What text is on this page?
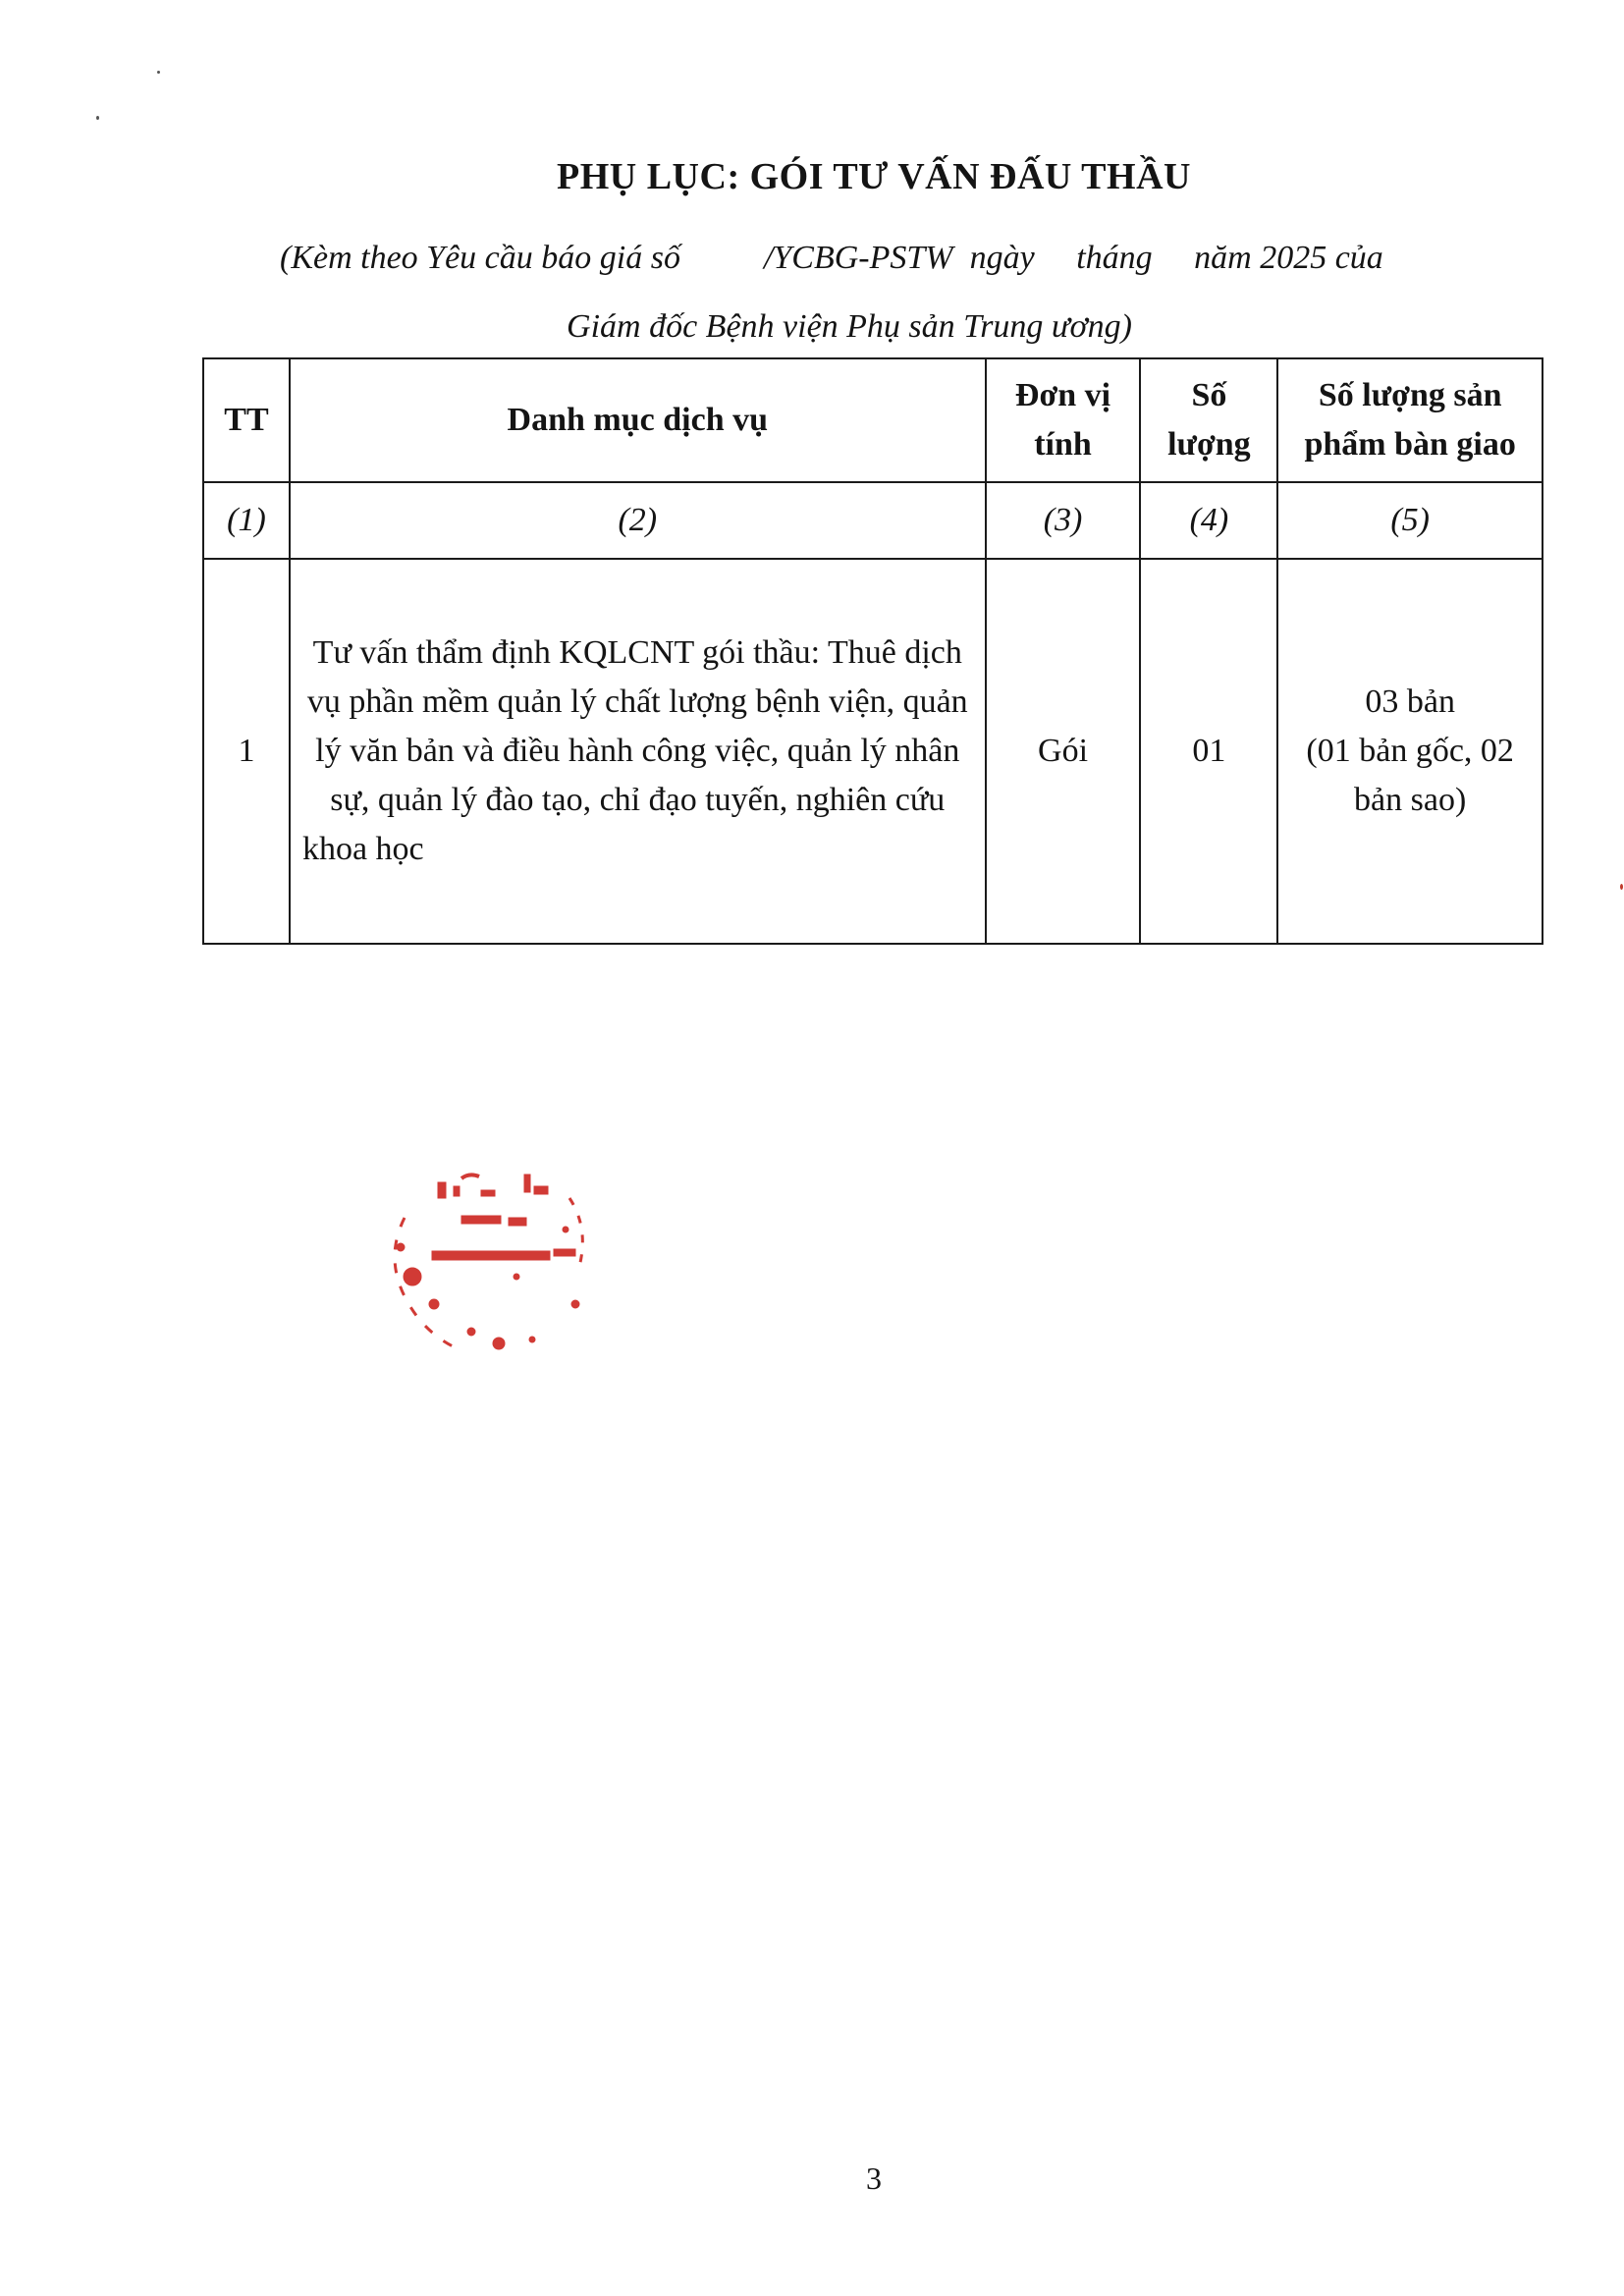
PHỤ LỤC: GÓI TƯ VẤN ĐẤU THẦU
(Kèm theo Yêu cầu báo giá số          /YCBG-PSTW  ngày     tháng     năm 2025 của
Giám đốc Bệnh viện Phụ sản Trung ương)
TT	Danh mục dịch vụ	Đơn vị tính	Số lượng	Số lượng sản phẩm bàn giao
(1)	(2)	(3)	(4)	(5)
1	Tư vấn thẩm định KQLCNT gói thầu: Thuê dịch vụ phần mềm quản lý chất lượng bệnh viện, quản lý văn bản và điều hành công việc, quản lý nhân sự, quản lý đào tạo, chỉ đạo tuyến, nghiên cứu khoa học	Gói	01	03 bản
(01 bản gốc, 02 bản sao)
3
